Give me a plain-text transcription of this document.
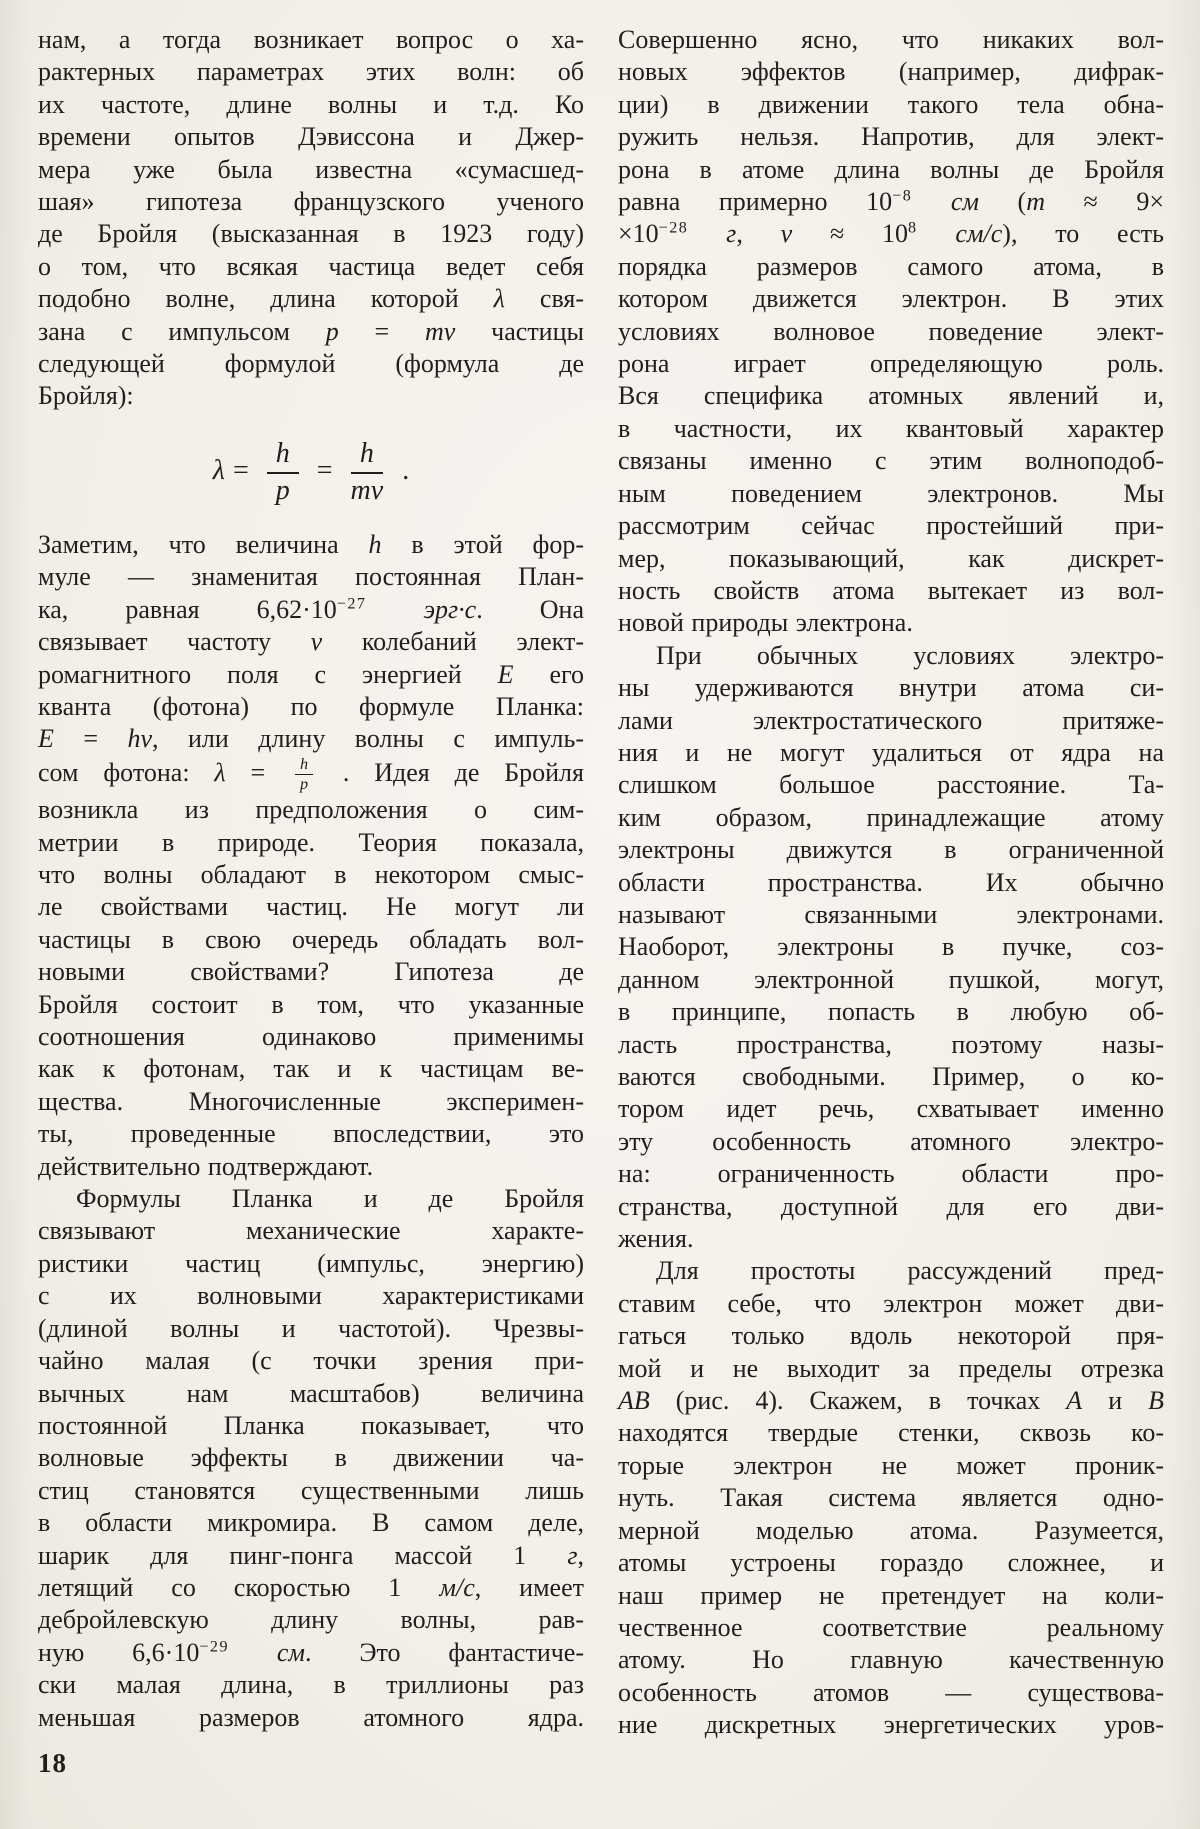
нам, а тогда возникает вопрос о ха-
рактерных параметрах этих волн: об
их частоте, длине волны и т.д. Ко
времени опытов Дэвиссона и Джер-
мера уже была известна «сумасшед-
шая» гипотеза французского ученого
де Бройля (высказанная в 1923 году)
о том, что всякая частица ведет себя
подобно волне, длина которой λ свя-
зана с импульсом p = mv частицы
следующей формулой (формула де
Бройля):
$\lambda = \frac{h}{p} = \frac{h}{mv}$ .
Заметим, что величина h в этой фор-
муле — знаменитая постоянная План-
ка, равная $6,62\cdot 10^{-27}$ эрг·с. Она
связывает частоту ν колебаний элект-
ромагнитного поля с энергией E его
кванта (фотона) по формуле Планка:
E = hν, или длину волны с импуль-
сом фотона: $\lambda = \frac{h}{p}$ . Идея де Бройля
возникла из предположения о сим-
метрии в природе. Теория показала,
что волны обладают в некотором смыс-
ле свойствами частиц. Не могут ли
частицы в свою очередь обладать вол-
новыми свойствами? Гипотеза де
Бройля состоит в том, что указанные
соотношения одинаково применимы
как к фотонам, так и к частицам ве-
щества. Многочисленные эксперимен-
ты, проведенные впоследствии, это
действительно подтверждают.
Формулы Планка и де Бройля
связывают механические характе-
ристики частиц (импульс, энергию)
с их волновыми характеристиками
(длиной волны и частотой). Чрезвы-
чайно малая (с точки зрения при-
вычных нам масштабов) величина
постоянной Планка показывает, что
волновые эффекты в движении ча-
стиц становятся существенными лишь
в области микромира. В самом деле,
шарик для пинг-понга массой 1 г,
летящий со скоростью 1 м/с, имеет
дебройлевскую длину волны, рав-
ную $6,6\cdot 10^{-29}$ см. Это фантастиче-
ски малая длина, в триллионы раз
меньшая размеров атомного ядра.
Совершенно ясно, что никаких вол-
новых эффектов (например, дифрак-
ции) в движении такого тела обна-
ружить нельзя. Напротив, для элект-
рона в атоме длина волны де Бройля
равна примерно $10^{-8}$ см (m ≈ 9×
$\times 10^{-28}$ г, $v \approx 10^8$ см/с), то есть
порядка размеров самого атома, в
котором движется электрон. В этих
условиях волновое поведение элект-
рона играет определяющую роль.
Вся специфика атомных явлений и,
в частности, их квантовый характер
связаны именно с этим волноподоб-
ным поведением электронов. Мы
рассмотрим сейчас простейший при-
мер, показывающий, как дискрет-
ность свойств атома вытекает из вол-
новой природы электрона.
При обычных условиях электро-
ны удерживаются внутри атома си-
лами электростатического притяже-
ния и не могут удалиться от ядра на
слишком большое расстояние. Та-
ким образом, принадлежащие атому
электроны движутся в ограниченной
области пространства. Их обычно
называют связанными электронами.
Наоборот, электроны в пучке, соз-
данном электронной пушкой, могут,
в принципе, попасть в любую об-
ласть пространства, поэтому назы-
ваются свободными. Пример, о ко-
тором идет речь, схватывает именно
эту особенность атомного электро-
на: ограниченность области про-
странства, доступной для его дви-
жения.
Для простоты рассуждений пред-
ставим себе, что электрон может дви-
гаться только вдоль некоторой пря-
мой и не выходит за пределы отрезка
AB (рис. 4). Скажем, в точках A и B
находятся твердые стенки, сквозь ко-
торые электрон не может проник-
нуть. Такая система является одно-
мерной моделью атома. Разумеется,
атомы устроены гораздо сложнее, и
наш пример не претендует на коли-
чественное соответствие реальному
атому. Но главную качественную
особенность атомов — существова-
ние дискретных энергетических уров-
18
